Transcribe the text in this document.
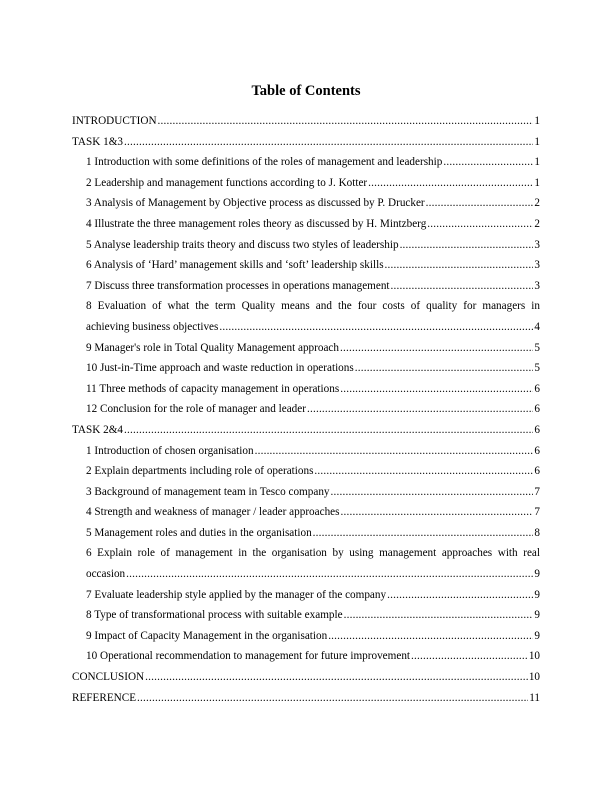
Table of Contents
INTRODUCTION .....	1
TASK 1&3 .....	1
1 Introduction with some definitions of the roles of management and leadership .....	1
2 Leadership and management functions according to J. Kotter .....	1
3 Analysis of Management by Objective process as discussed by P. Drucker .....	2
4 Illustrate the three management roles theory as discussed by H. Mintzberg .....	2
5 Analyse leadership traits theory and discuss two styles of leadership .....	3
6 Analysis of ‘Hard’ management skills and ‘soft’ leadership skills .....	3
7 Discuss three transformation processes in operations management .....	3
8 Evaluation of what the term Quality means and the four costs of quality for managers in
achieving business objectives .....	4
9 Manager's role in Total Quality Management approach .....	5
10 Just-in-Time approach and waste reduction in operations .....	5
11 Three methods of capacity management in operations .....	6
12 Conclusion for the role of manager and leader .....	6
TASK 2&4 .....	6
1 Introduction of chosen organisation .....	6
2 Explain departments including role of operations .....	6
3 Background of management team in Tesco company .....	7
4 Strength and weakness of manager / leader approaches .....	7
5 Management roles and duties in the organisation .....	8
6 Explain role of management in the organisation by using management approaches with real
occasion .....	9
7 Evaluate leadership style applied by the manager of the company .....	9
8 Type of transformational process with suitable example .....	9
9 Impact of Capacity Management in the organisation .....	9
10 Operational recommendation to management for future improvement .....	10
CONCLUSION .....	10
REFERENCE .....	11
